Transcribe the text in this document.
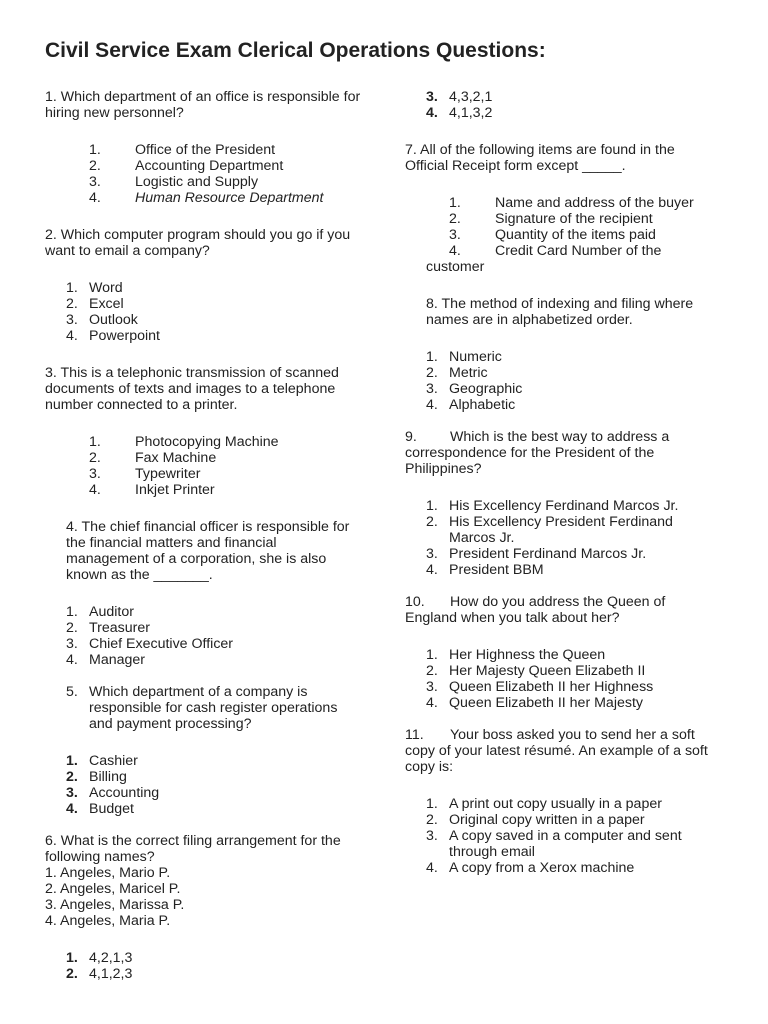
Civil Service Exam Clerical Operations Questions:

1. Which department of an office is responsible for hiring new personnel?

1. Office of the President
2. Accounting Department
3. Logistic and Supply
4. Human Resource Department

2. Which computer program should you go if you want to email a company?

1. Word
2. Excel
3. Outlook
4. Powerpoint

3. This is a telephonic transmission of scanned documents of texts and images to a telephone number connected to a printer.

1. Photocopying Machine
2. Fax Machine
3. Typewriter
4. Inkjet Printer

4. The chief financial officer is responsible for the financial matters and financial management of a corporation, she is also known as the _______.

1. Auditor
2. Treasurer
3. Chief Executive Officer
4. Manager
5. Which department of a company is responsible for cash register operations and payment processing?
1. Cashier
2. Billing
3. Accounting
4. Budget

6. What is the correct filing arrangement for the following names?

1. Angeles, Mario P.
2. Angeles, Maricel P.
3. Angeles, Marissa P.
4. Angeles, Maria P.
1. 4,2,1,3
2. 4,1,2,3
3. 4,3,2,1
4. 4,1,3,2

7. All of the following items are found in the Official Receipt form except _____.

1. Name and address of the buyer
2. Signature of the recipient
3. Quantity of the items paid
4. Credit Card Number of the
customer

8. The method of indexing and filing where names are in alphabetized order.

1. Numeric
2. Metric
3. Geographic
4. Alphabetic
9. Which is the best way to address a correspondence for the President of the Philippines?
1. His Excellency Ferdinand Marcos Jr.
2. His Excellency President Ferdinand Marcos Jr.
3. President Ferdinand Marcos Jr.
4. President BBM
10. How do you address the Queen of England when you talk about her?
1. Her Highness the Queen
2. Her Majesty Queen Elizabeth II
3. Queen Elizabeth II her Highness
4. Queen Elizabeth II her Majesty
11. Your boss asked you to send her a soft copy of your latest résumé. An example of a soft copy is:
1. A print out copy usually in a paper
2. Original copy written in a paper
3. A copy saved in a computer and sent through email
4. A copy from a Xerox machine
